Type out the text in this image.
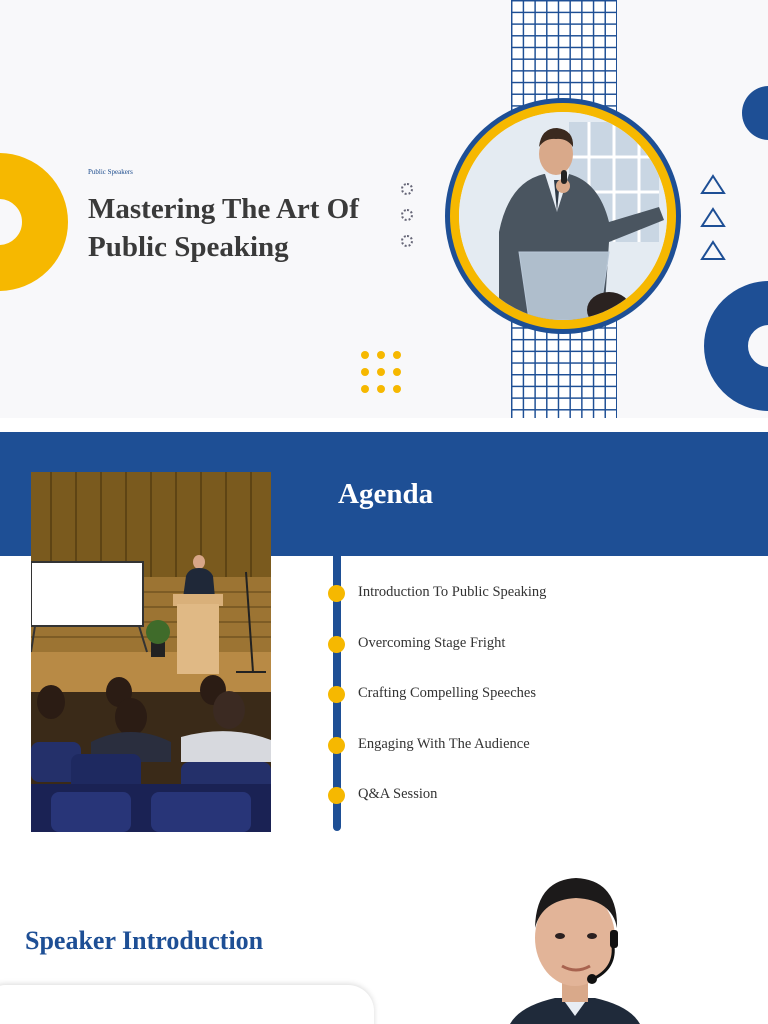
Public Speakers
Mastering The Art Of Public Speaking
Agenda
Introduction To Public Speaking
Overcoming Stage Fright
Crafting Compelling Speeches
Engaging With The Audience
Q&A Session
Speaker Introduction
